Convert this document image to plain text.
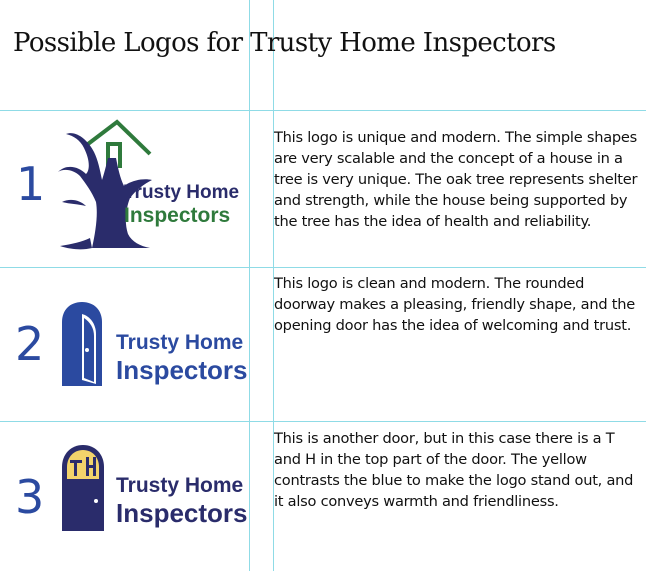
Possible Logos for Trusty Home Inspectors
1	Trusty Home
Inspectors

This logo is unique and modern. The simple shapes are very scalable and the concept of a house in a tree is very unique. The oak tree represents shelter and strength, while the house being supported by the tree has the idea of health and reliability.

2	Trusty Home
Inspectors

This logo is clean and modern. The rounded doorway makes a pleasing, friendly shape, and the opening door has the idea of welcoming and trust.

3	Trusty Home
Inspectors

This is another door, but in this case there is a T and H in the top part of the door. The yellow contrasts the blue to make the logo stand out, and it also conveys warmth and friendliness.
